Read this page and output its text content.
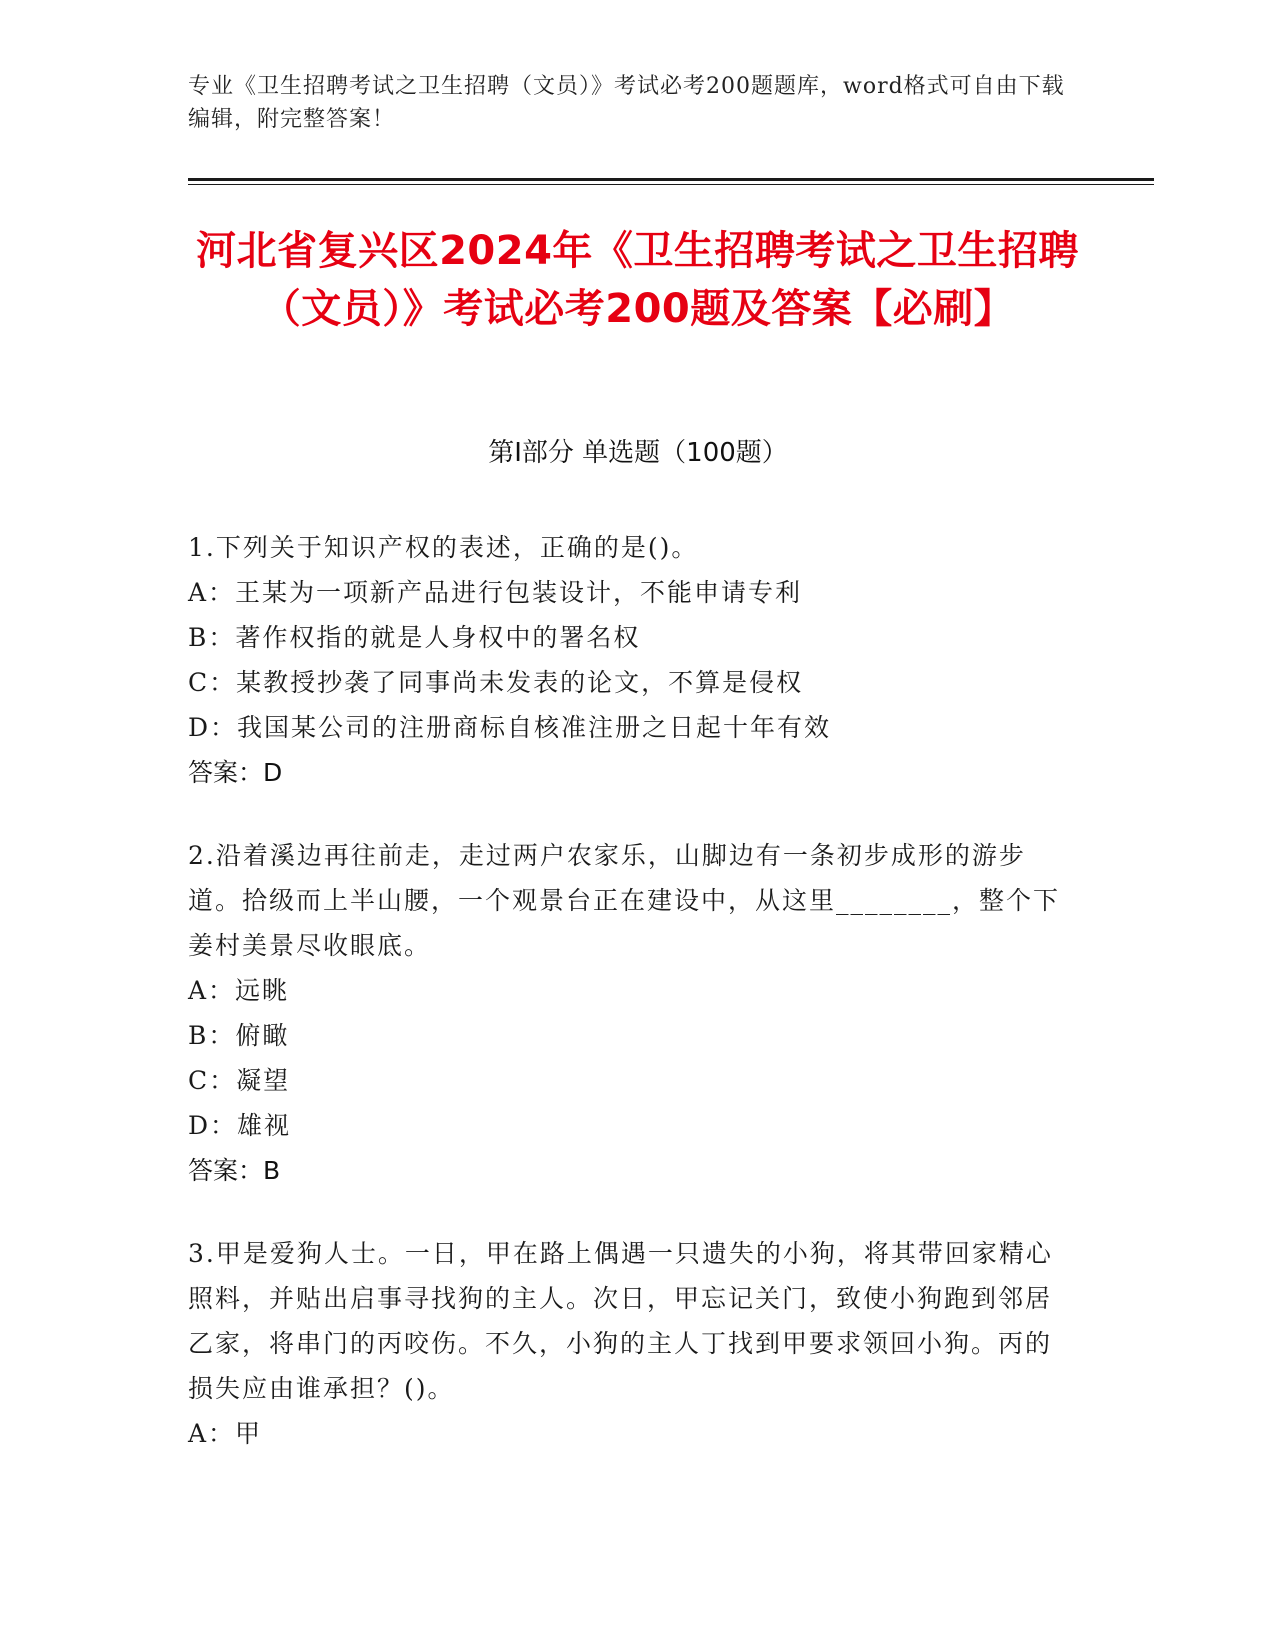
专业《卫生招聘考试之卫生招聘（文员）》考试必考200题题库，word格式可自由下载编辑，附完整答案！
河北省复兴区2024年《卫生招聘考试之卫生招聘（文员）》考试必考200题及答案【必刷】
第Ⅰ部分 单选题（100题）
1.下列关于知识产权的表述，正确的是()。
A：王某为一项新产品进行包装设计，不能申请专利
B：著作权指的就是人身权中的署名权
C：某教授抄袭了同事尚未发表的论文，不算是侵权
D：我国某公司的注册商标自核准注册之日起十年有效
答案：D
2.沿着溪边再往前走，走过两户农家乐，山脚边有一条初步成形的游步道。拾级而上半山腰，一个观景台正在建设中，从这里________，整个下姜村美景尽收眼底。
A：远眺
B：俯瞰
C：凝望
D：雄视
答案：B
3.甲是爱狗人士。一日，甲在路上偶遇一只遗失的小狗，将其带回家精心照料，并贴出启事寻找狗的主人。次日，甲忘记关门，致使小狗跑到邻居乙家，将串门的丙咬伤。不久，小狗的主人丁找到甲要求领回小狗。丙的损失应由谁承担？()。
A：甲
